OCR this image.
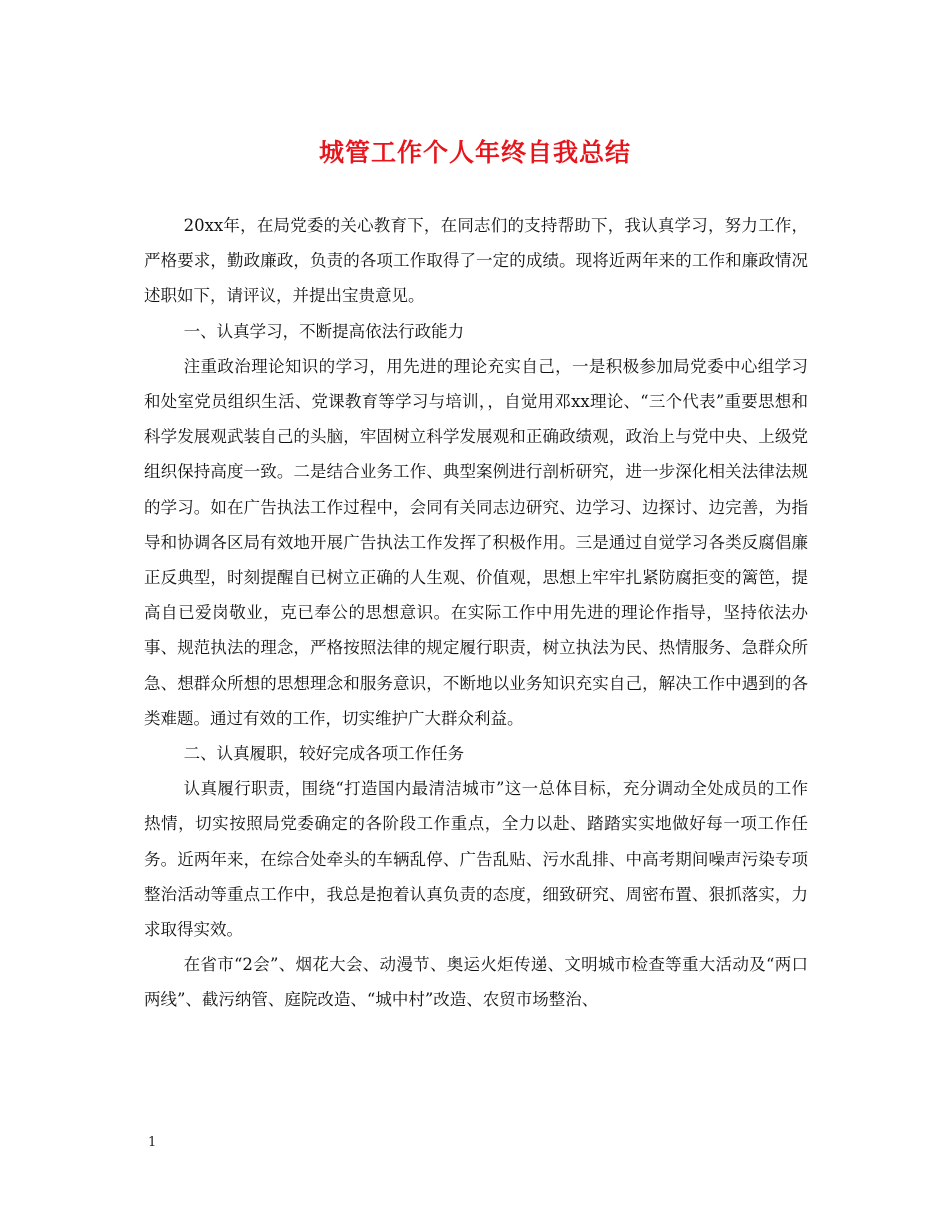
城管工作个人年终自我总结

20xx年，在局党委的关心教育下，在同志们的支持帮助下，我认真学习，努力工作，严格要求，勤政廉政，负责的各项工作取得了一定的成绩。现将近两年来的工作和廉政情况述职如下，请评议，并提出宝贵意见。

一、认真学习，不断提高依法行政能力

注重政治理论知识的学习，用先进的理论充实自己，一是积极参加局党委中心组学习和处室党员组织生活、党课教育等学习与培训，，自觉用邓xx理论、“三个代表”重要思想和科学发展观武装自己的头脑，牢固树立科学发展观和正确政绩观，政治上与党中央、上级党组织保持高度一致。二是结合业务工作、典型案例进行剖析研究，进一步深化相关法律法规的学习。如在广告执法工作过程中，会同有关同志边研究、边学习、边探讨、边完善，为指导和协调各区局有效地开展广告执法工作发挥了积极作用。三是通过自觉学习各类反腐倡廉正反典型，时刻提醒自已树立正确的人生观、价值观，思想上牢牢扎紧防腐拒变的篱笆，提高自已爱岗敬业，克已奉公的思想意识。在实际工作中用先进的理论作指导，坚持依法办事、规范执法的理念，严格按照法律的规定履行职责，树立执法为民、热情服务、急群众所急、想群众所想的思想理念和服务意识，不断地以业务知识充实自己，解决工作中遇到的各类难题。通过有效的工作，切实维护广大群众利益。

二、认真履职，较好完成各项工作任务

认真履行职责，围绕“打造国内最清洁城市”这一总体目标，充分调动全处成员的工作热情，切实按照局党委确定的各阶段工作重点，全力以赴、踏踏实实地做好每一项工作任务。近两年来，在综合处牵头的车辆乱停、广告乱贴、污水乱排、中高考期间噪声污染专项整治活动等重点工作中，我总是抱着认真负责的态度，细致研究、周密布置、狠抓落实，力求取得实效。

在省市“2会”、烟花大会、动漫节、奥运火炬传递、文明城市检查等重大活动及“两口两线”、截污纳管、庭院改造、“城中村”改造、农贸市场整治、

1
